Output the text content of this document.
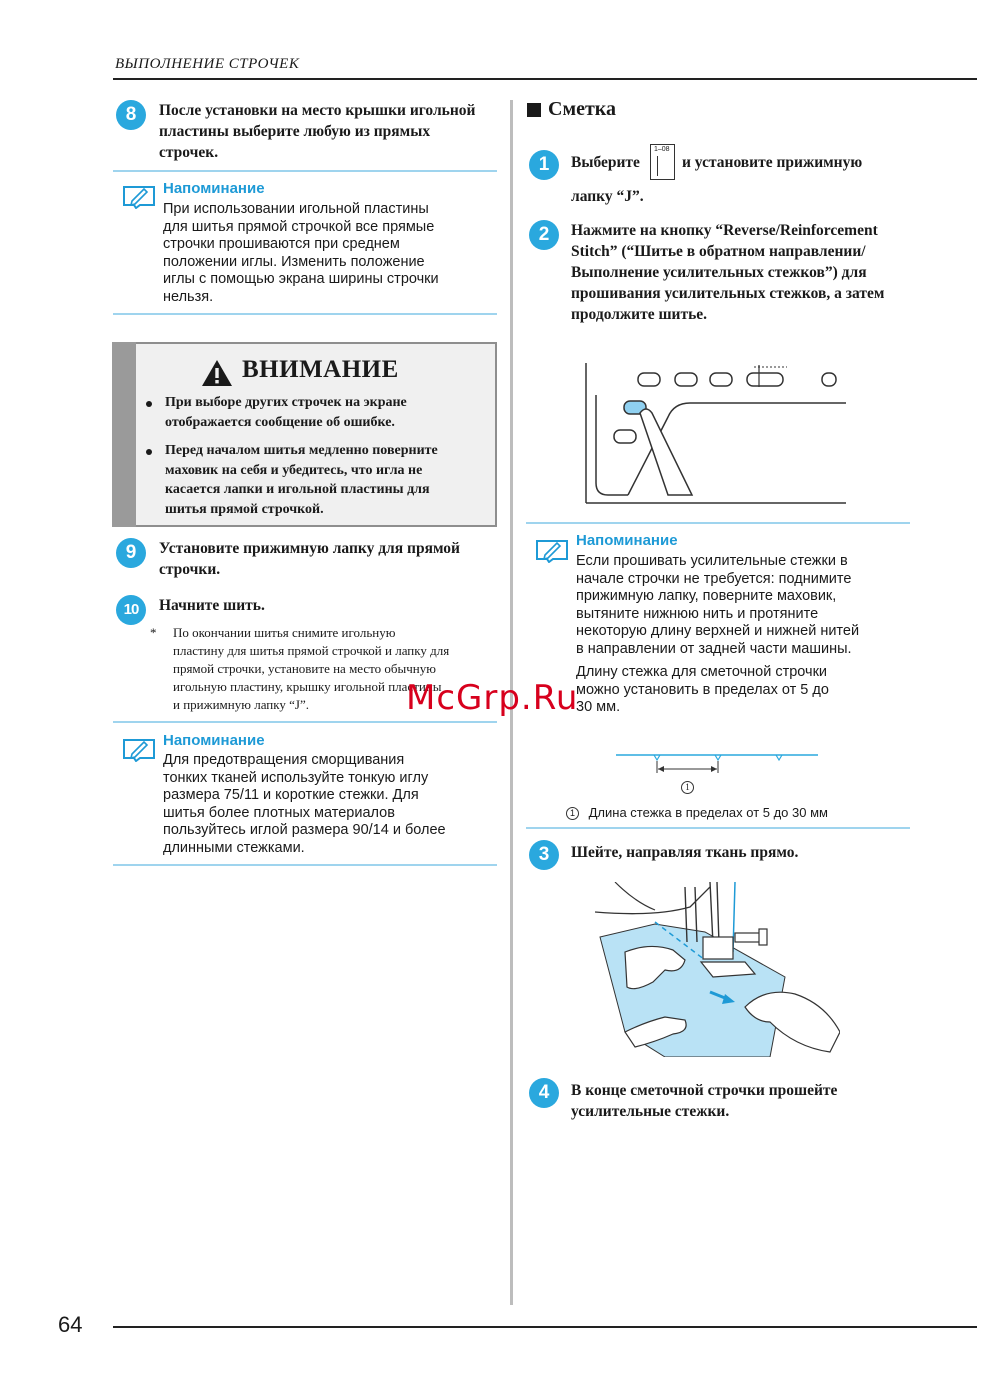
ВЫПОЛНЕНИЕ СТРОЧЕК
8	После установки на место крышки игольной
пластины выберите любую из прямых
строчек.
Напоминание
При использовании игольной пластины
для шитья прямой строчкой все прямые
строчки прошиваются при среднем
положении иглы. Изменить положение
иглы с помощью экрана ширины строчки
нельзя.
ВНИМАНИЕ
При выборе других строчек на экране
отображается сообщение об ошибке.
Перед началом шитья медленно поверните
маховик на себя и убедитесь, что игла не
касается лапки и игольной пластины для
шитья прямой строчкой.
9	Установите прижимную лапку для прямой
строчки.
10	Начните шить.
* По окончании шитья снимите игольную
пластину для шитья прямой строчкой и лапку для
прямой строчки, установите на место обычную
игольную пластину, крышку игольной пластины
и прижимную лапку “J”.
Напоминание
Для предотвращения сморщивания
тонких тканей используйте тонкую иглу
размера 75/11 и короткие стежки. Для
шитья более плотных материалов
пользуйтесь иглой размера 90/14 и более
длинными стежками.
Сметка
1	Выберите
1–08
и установите прижимную
лапку “J”.
2	Нажмите на кнопку “Reverse/Reinforcement
Stitch” (“Шитье в обратном направлении/
Выполнение усилительных стежков”) для
прошивания усилительных стежков, а затем
продолжите шитье.
Напоминание
Если прошивать усилительные стежки в
начале строчки не требуется: поднимите
прижимную лапку, поверните маховик,
вытяните нижнюю нить и протяните
некоторую длину верхней и нижней нитей
в направлении от задней части машины.
Длину стежка для сметочной строчки
можно установить в пределах от 5 до
30 мм.
1
1 Длина стежка в пределах от 5 до 30 мм
3	Шейте, направляя ткань прямо.
4	В конце сметочной строчки прошейте
усилительные стежки.
McGrp.Ru
64
